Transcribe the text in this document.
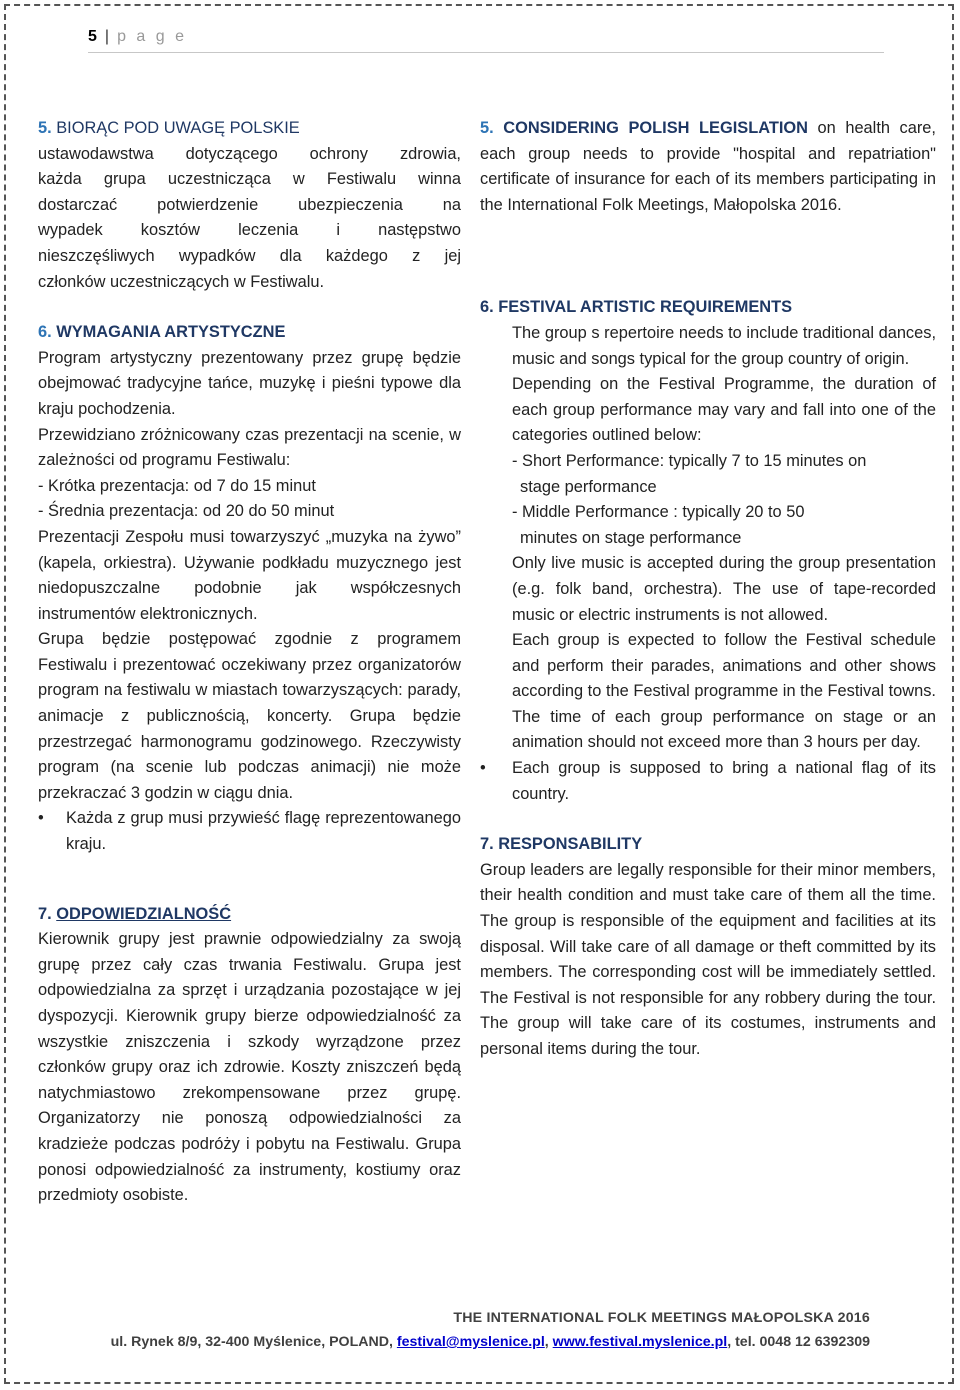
5 | p a g e
5. BIORĄC POD UWAGĘ POLSKIE
ustawodawstwa dotyczącego ochrony zdrowia,
każda grupa uczestnicząca w Festiwalu winna
dostarczać potwierdzenie ubezpieczenia na
wypadek kosztów leczenia i następstwo
nieszczęśliwych wypadków dla każdego z jej
członków uczestniczących w Festiwalu.
6. WYMAGANIA ARTYSTYCZNE
Program artystyczny prezentowany przez grupę będzie obejmować tradycyjne tańce, muzykę i pieśni typowe dla kraju pochodzenia.
Przewidziano zróżnicowany czas prezentacji na scenie, w zależności od programu Festiwalu:
- Krótka prezentacja: od 7 do 15 minut
- Średnia prezentacja: od 20 do 50 minut
Prezentacji Zespołu musi towarzyszyć „muzyka na żywo” (kapela, orkiestra). Używanie podkładu muzycznego jest niedopuszczalne podobnie jak współczesnych instrumentów elektronicznych.
Grupa będzie postępować zgodnie z programem Festiwalu i prezentować oczekiwany przez organizatorów program na festiwalu w miastach towarzyszących: parady, animacje z publicznością, koncerty. Grupa będzie przestrzegać harmonogramu godzinowego. Rzeczywisty program (na scenie lub podczas animacji) nie może przekraczać 3 godzin w ciągu dnia.
• Każda z grup musi przywieść flagę reprezentowanego kraju.
7. ODPOWIEDZIALNOŚĆ
Kierownik grupy jest prawnie odpowiedzialny za swoją grupę przez cały czas trwania Festiwalu. Grupa jest odpowiedzialna za sprzęt i urządzania pozostające w jej dyspozycji. Kierownik grupy bierze odpowiedzialność za wszystkie zniszczenia i szkody wyrządzone przez członków grupy oraz ich zdrowie. Koszty zniszczeń będą natychmiastowo zrekompensowane przez grupę. Organizatorzy nie ponoszą odpowiedzialności za kradzieże podczas podróży i pobytu na Festiwalu. Grupa ponosi odpowiedzialność za instrumenty, kostiumy oraz przedmioty osobiste.
5. CONSIDERING POLISH LEGISLATION on health care, each group needs to provide "hospital and repatriation" certificate of insurance for each of its members participating in the International Folk Meetings, Małopolska 2016.
6. FESTIVAL ARTISTIC REQUIREMENTS
The group s repertoire needs to include traditional dances, music and songs typical for the group country of origin.
Depending on the Festival Programme, the duration of each group performance may vary and fall into one of the categories outlined below:
- Short Performance: typically 7 to 15 minutes on
stage performance
- Middle Performance : typically 20 to 50
minutes on stage performance
Only live music is accepted during the group presentation (e.g. folk band, orchestra). The use of tape-recorded music or electric instruments is not allowed.
Each group is expected to follow the Festival schedule and perform their parades, animations and other shows according to the Festival programme in the Festival towns. The time of each group performance on stage or an animation should not exceed more than 3 hours per day.
• Each group is supposed to bring a national flag of its country.
7. RESPONSABILITY
Group leaders are legally responsible for their minor members, their health condition and must take care of them all the time. The group is responsible of the equipment and facilities at its disposal. Will take care of all damage or theft committed by its members. The corresponding cost will be immediately settled. The Festival is not responsible for any robbery during the tour. The group will take care of its costumes, instruments and personal items during the tour.
THE INTERNATIONAL FOLK MEETINGS MAŁOPOLSKA 2016
ul. Rynek 8/9, 32-400 Myślenice, POLAND, festival@myslenice.pl, www.festival.myslenice.pl, tel. 0048 12 6392309
